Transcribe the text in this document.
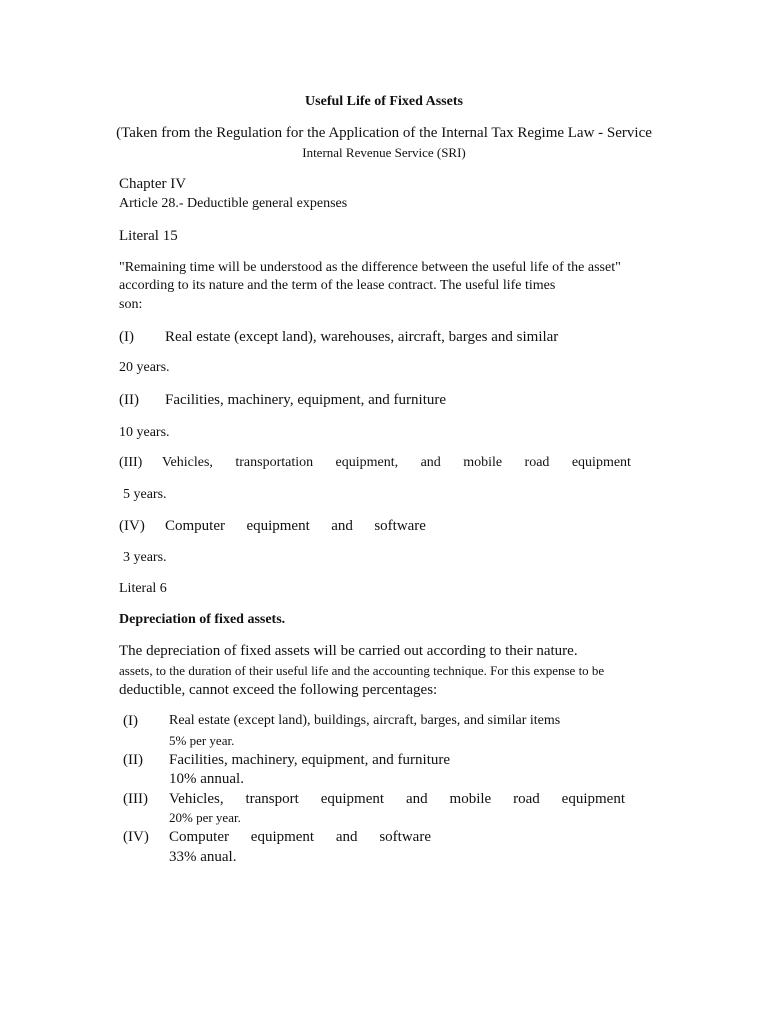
Useful Life of Fixed Assets
(Taken from the Regulation for the Application of the Internal Tax Regime Law - Service
Internal Revenue Service (SRI)
Chapter IV
Article 28.- Deductible general expenses
Literal 15
"Remaining time will be understood as the difference between the useful life of the asset"
according to its nature and the term of the lease contract. The useful life times
son:
(I) Real estate (except land), warehouses, aircraft, barges and similar
20 years.
(II) Facilities, machinery, equipment, and furniture
10 years.
(III) Vehicles, transportation equipment, and mobile road equipment
5 years.
(IV) Computer equipment and software
3 years.
Literal 6
Depreciation of fixed assets.
The depreciation of fixed assets will be carried out according to their nature.
assets, to the duration of their useful life and the accounting technique. For this expense to be
deductible, cannot exceed the following percentages:
(I) Real estate (except land), buildings, aircraft, barges, and similar items
5% per year.
(II) Facilities, machinery, equipment, and furniture
10% annual.
(III) Vehicles, transport equipment and mobile road equipment
20% per year.
(IV) Computer equipment and software
33% anual.
